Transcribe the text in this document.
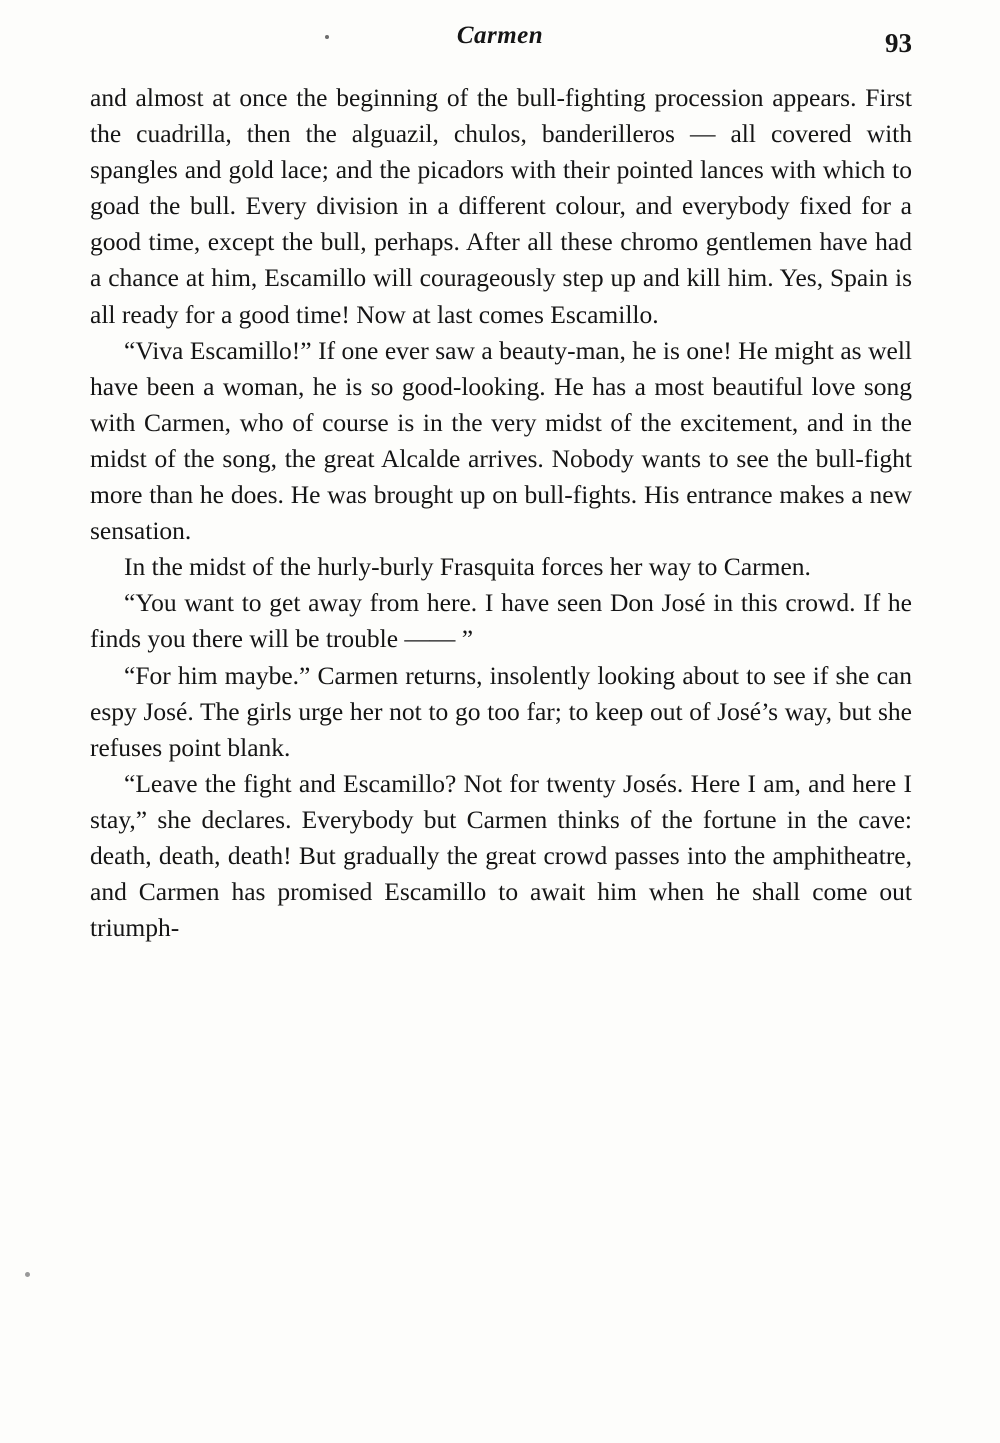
Carmen	93

and almost at once the beginning of the bull-fighting procession appears. First the cuadrilla, then the alguazil, chulos, banderilleros — all covered with spangles and gold lace; and the picadors with their pointed lances with which to goad the bull. Every division in a different colour, and everybody fixed for a good time, except the bull, perhaps. After all these chromo gentlemen have had a chance at him, Escamillo will courageously step up and kill him. Yes, Spain is all ready for a good time! Now at last comes Escamillo.

“Viva Escamillo!” If one ever saw a beauty-man, he is one! He might as well have been a woman, he is so good-looking. He has a most beautiful love song with Carmen, who of course is in the very midst of the excitement, and in the midst of the song, the great Alcalde arrives. Nobody wants to see the bull-fight more than he does. He was brought up on bull-fights. His entrance makes a new sensation.

In the midst of the hurly-burly Frasquita forces her way to Carmen.

“You want to get away from here. I have seen Don José in this crowd. If he finds you there will be trouble —— ”

“For him maybe.” Carmen returns, insolently looking about to see if she can espy José. The girls urge her not to go too far; to keep out of José’s way, but she refuses point blank.

“Leave the fight and Escamillo? Not for twenty Josés. Here I am, and here I stay,” she declares. Everybody but Carmen thinks of the fortune in the cave: death, death, death! But gradually the great crowd passes into the amphitheatre, and Carmen has promised Escamillo to await him when he shall come out triumph-
